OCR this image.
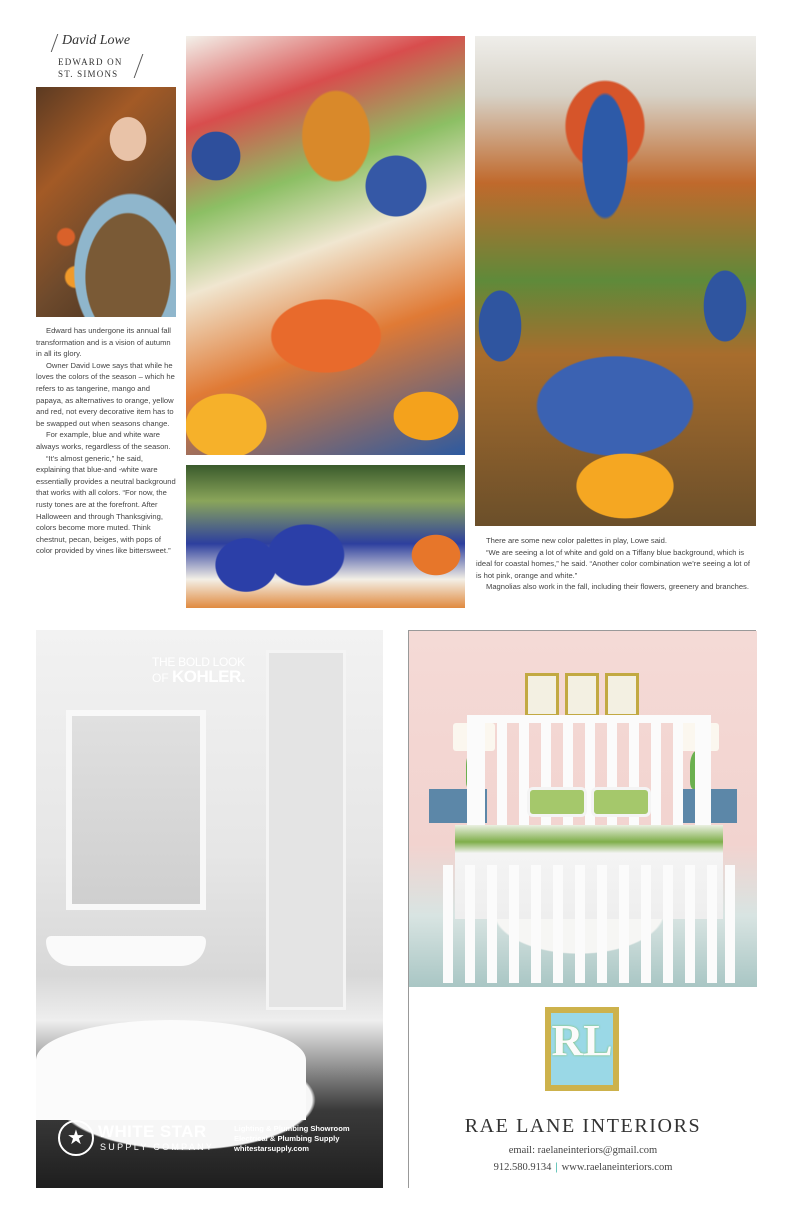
David Lowe
EDWARD ON
ST. SIMONS

Edward has undergone its annual fall transformation and is a vision of autumn in all its glory.

Owner David Lowe says that while he loves the colors of the season – which he refers to as tangerine, mango and papaya, as alternatives to orange, yellow and red, not every decorative item has to be swapped out when seasons change.

For example, blue and white ware always works, regardless of the season.

“It’s almost generic,” he said, explaining that blue-and -white ware essentially provides a neutral background that works with all colors. “For now, the rusty tones are at the forefront. After Halloween and through Thanksgiving, colors become more muted. Think chestnut, pecan, beiges, with pops of color provided by vines like bittersweet.”

There are some new color palettes in play, Lowe said.

“We are seeing a lot of white and gold on a Tiffany blue background, which is ideal for coastal homes,” he said. “Another color combination we’re seeing a lot of is hot pink, orange and white.”

Magnolias also work in the fall, including their flowers, greenery and branches.

THE BOLD LOOK
OF KOHLER.
★ WHITE STAR
SUPPLY COMPANY
Lighting & Plumbing Showroom
Electrical & Plumbing Supply
whitestarsupply.com
RL
RAE LANE INTERIORS
email: raelaneinteriors@gmail.com
912.580.9134 | www.raelaneinteriors.com
